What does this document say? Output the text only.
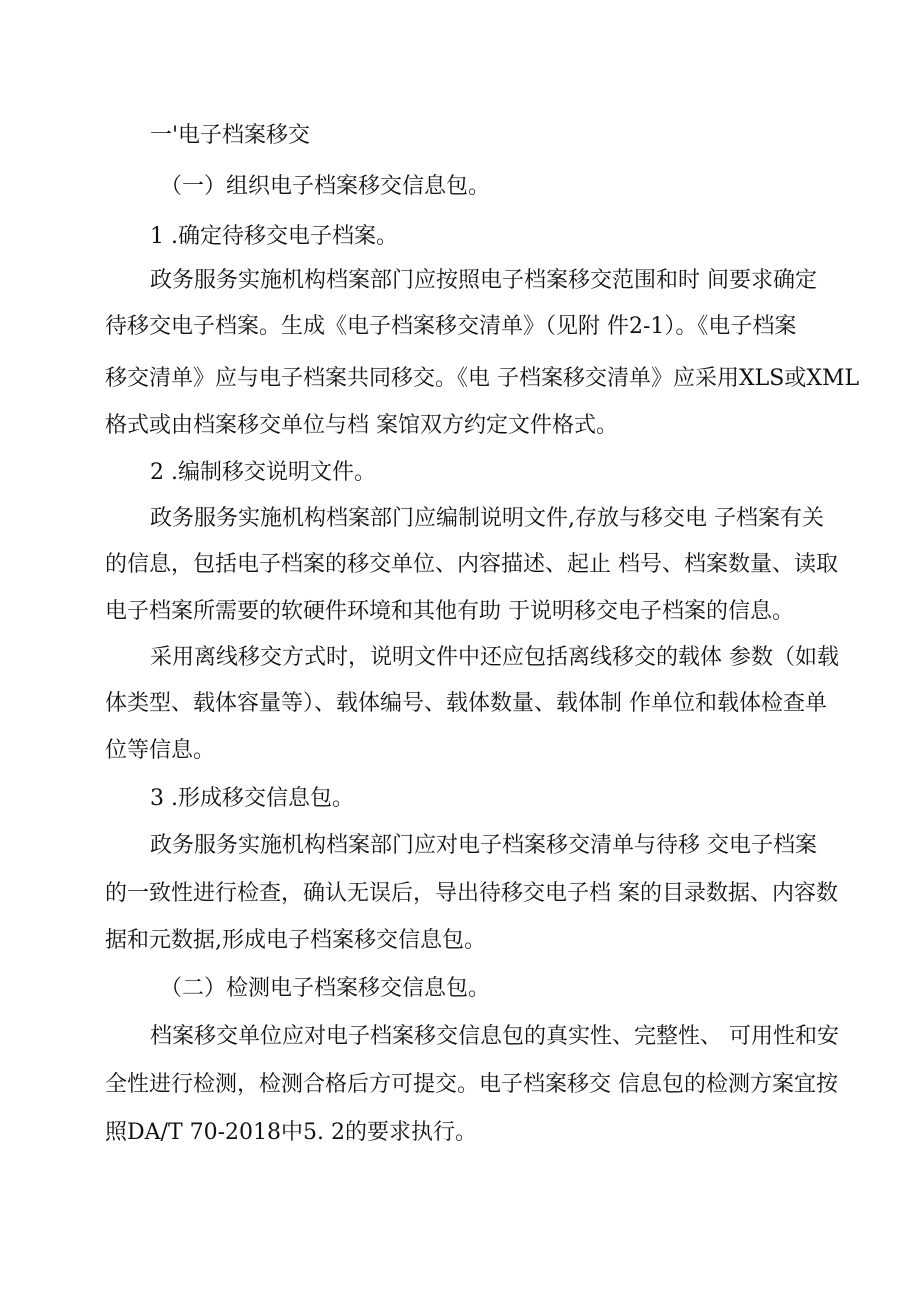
一'电子档案移交
（一）组织电子档案移交信息包。
1 .确定待移交电子档案。
政务服务实施机构档案部门应按照电子档案移交范围和时 间要求确定
待移交电子档案。生成《电子档案移交清单》（见附 件2-1）。《电子档案
移交清单》应与电子档案共同移交。《电 子档案移交清单》应采用XLS或XML
格式或由档案移交单位与档 案馆双方约定文件格式。
2 .编制移交说明文件。
政务服务实施机构档案部门应编制说明文件,存放与移交电 子档案有关
的信息，包括电子档案的移交单位、内容描述、起止 档号、档案数量、读取
电子档案所需要的软硬件环境和其他有助 于说明移交电子档案的信息。
采用离线移交方式时，说明文件中还应包括离线移交的载体 参数（如载
体类型、载体容量等）、载体编号、载体数量、载体制 作单位和载体检查单
位等信息。
3 .形成移交信息包。
政务服务实施机构档案部门应对电子档案移交清单与待移 交电子档案
的一致性进行检查，确认无误后，导出待移交电子档 案的目录数据、内容数
据和元数据,形成电子档案移交信息包。
（二）检测电子档案移交信息包。
档案移交单位应对电子档案移交信息包的真实性、完整性、 可用性和安
全性进行检测，检测合格后方可提交。电子档案移交 信息包的检测方案宜按
照DA/T 70-2018中5. 2的要求执行。
